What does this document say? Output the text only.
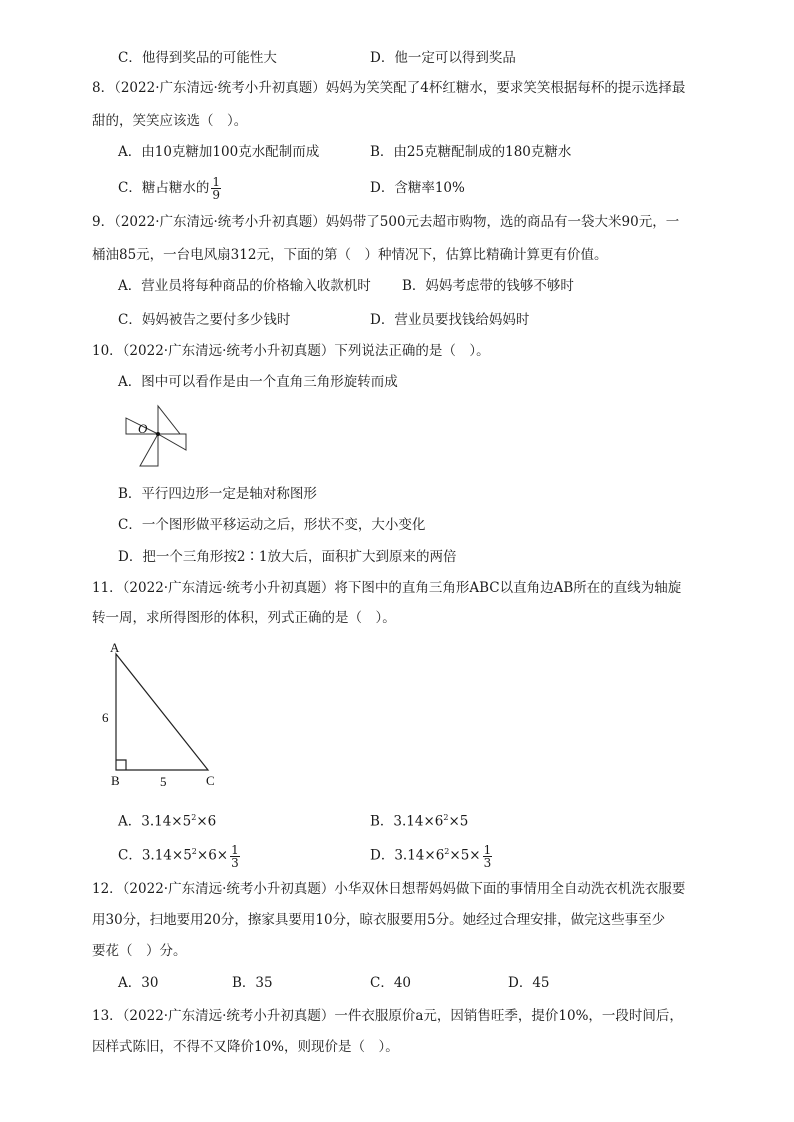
C．他得到奖品的可能性大	D．他一定可以得到奖品
8．（2022·广东清远·统考小升初真题）妈妈为笑笑配了4杯红糖水，要求笑笑根据每杯的提示选择最
甜的，笑笑应该选（　）。
A．由10克糖加100克水配制而成	B．由25克糖配制成的180克糖水
C．糖占糖水的 $\frac{1}{9}$	D．含糖率10%
9．（2022·广东清远·统考小升初真题）妈妈带了500元去超市购物，选的商品有一袋大米90元，一
桶油85元，一台电风扇312元，下面的第（　）种情况下，估算比精确计算更有价值。
A．营业员将每种商品的价格输入收款机时 B．妈妈考虑带的钱够不够时
C．妈妈被告之要付多少钱时	D．营业员要找钱给妈妈时
10．（2022·广东清远·统考小升初真题）下列说法正确的是（　）。
A．图中可以看作是由一个直角三角形旋转而成
O
B．平行四边形一定是轴对称图形
C．一个图形做平移运动之后，形状不变，大小变化
D．把一个三角形按2∶1放大后，面积扩大到原来的两倍
11．（2022·广东清远·统考小升初真题）将下图中的直角三角形ABC以直角边AB所在的直线为轴旋
转一周，求所得图形的体积，列式正确的是（　）。
A
B	C
6
5
A．$3.14\times 5^2\times 6$	B．$3.14\times 6^2\times 5$
C．$3.14\times 5^2\times 6\times \frac{1}{3}$	D．$3.14\times 6^2\times 5\times \frac{1}{3}$
12．（2022·广东清远·统考小升初真题）小华双休日想帮妈妈做下面的事情用全自动洗衣机洗衣服要
用30分，扫地要用20分，擦家具要用10分，晾衣服要用5分。她经过合理安排，做完这些事至少
要花（　）分。
A．30	B．35	C．40	D．45
13．（2022·广东清远·统考小升初真题）一件衣服原价a元，因销售旺季，提价10%，一段时间后，
因样式陈旧，不得不又降价10%，则现价是（　）。
